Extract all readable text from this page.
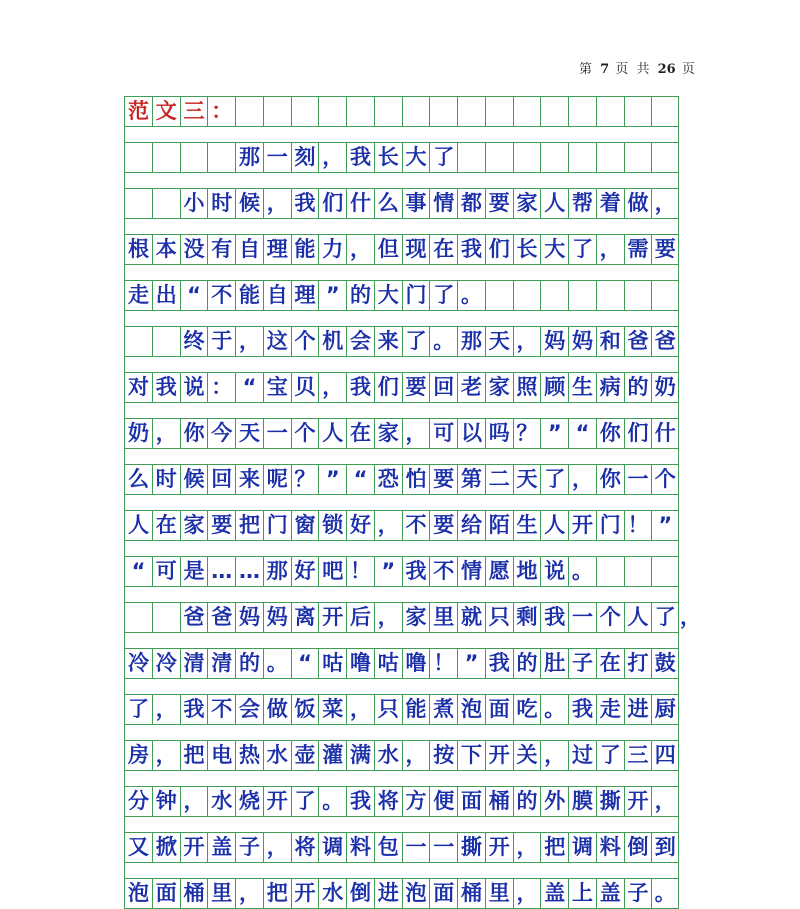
第 7 页 共 26 页
范 文 三 ：
那 一 刻 ， 我 长 大 了
小 时 候 ， 我 们 什 么 事 情 都 要 家 人 帮 着 做 ，
根 本 没 有 自 理 能 力 ， 但 现 在 我 们 长 大 了 ， 需 要
走 出 “ 不 能 自 理 ” 的 大 门 了 。
终 于 ， 这 个 机 会 来 了 。 那 天 ， 妈 妈 和 爸 爸
对 我 说 ： “ 宝 贝 ， 我 们 要 回 老 家 照 顾 生 病 的 奶
奶 ， 你 今 天 一 个 人 在 家 ， 可 以 吗 ？ ” “ 你 们 什
么 时 候 回 来 呢 ？ ” “ 恐 怕 要 第 二 天 了 ， 你 一 个
人 在 家 要 把 门 窗 锁 好 ， 不 要 给 陌 生 人 开 门 ！ ”
“ 可 是 … … 那 好 吧 ！ ” 我 不 情 愿 地 说 。
爸 爸 妈 妈 离 开 后 ， 家 里 就 只 剩 我 一 个 人 了 ，
冷 冷 清 清 的 。 “ 咕 噜 咕 噜 ！ ” 我 的 肚 子 在 打 鼓
了 ， 我 不 会 做 饭 菜 ， 只 能 煮 泡 面 吃 。 我 走 进 厨
房 ， 把 电 热 水 壶 灌 满 水 ， 按 下 开 关 ， 过 了 三 四
分 钟 ， 水 烧 开 了 。 我 将 方 便 面 桶 的 外 膜 撕 开 ，
又 掀 开 盖 子 ， 将 调 料 包 一 一 撕 开 ， 把 调 料 倒 到
泡 面 桶 里 ， 把 开 水 倒 进 泡 面 桶 里 ， 盖 上 盖 子 。
